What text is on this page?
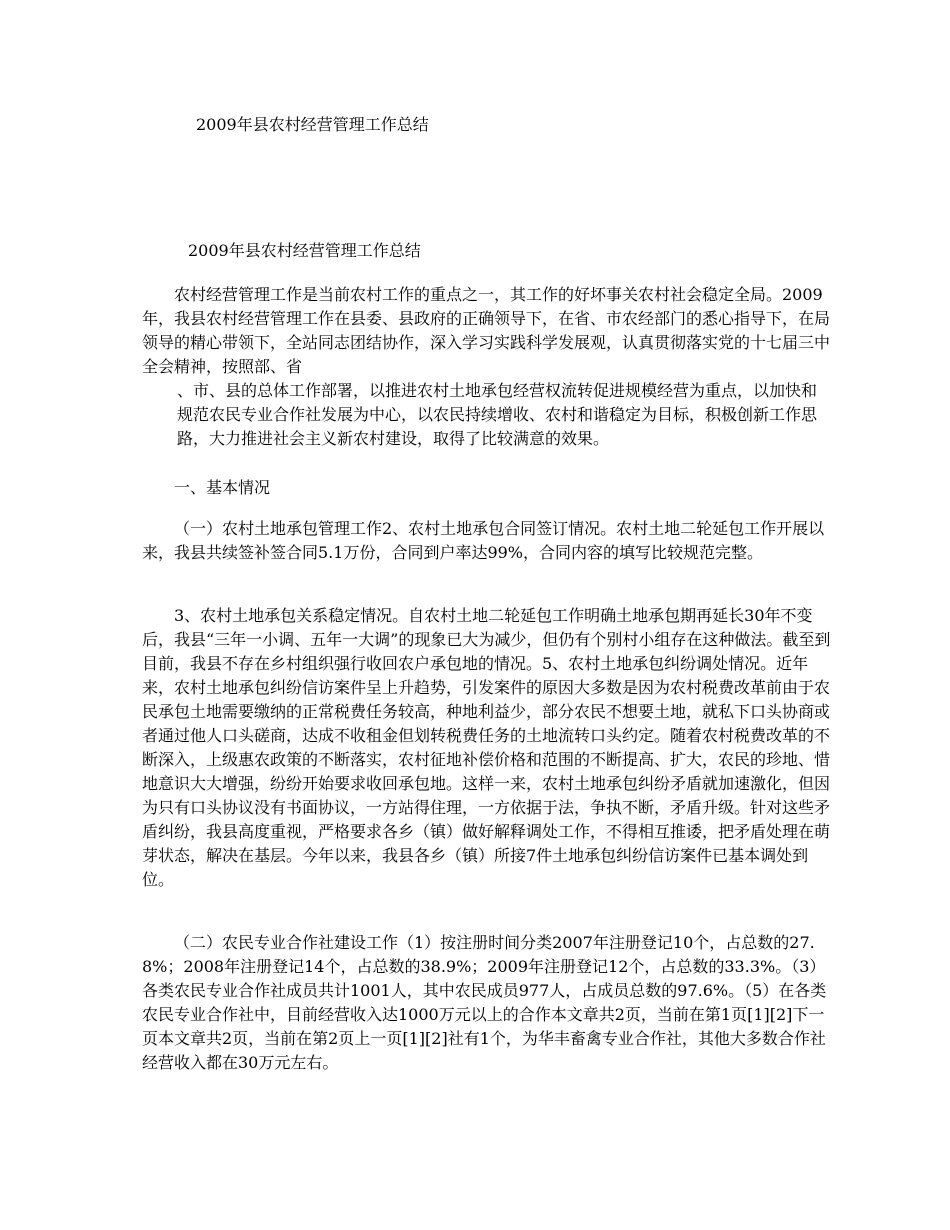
2009年县农村经营管理工作总结
2009年县农村经营管理工作总结

农村经营管理工作是当前农村工作的重点之一，其工作的好坏事关农村社会稳定全局。2009年，我县农村经营管理工作在县委、县政府的正确领导下，在省、市农经部门的悉心指导下，在局领导的精心带领下，全站同志团结协作，深入学习实践科学发展观，认真贯彻落实党的十七届三中全会精神，按照部、省

、市、县的总体工作部署，以推进农村土地承包经营权流转促进规模经营为重点，以加快和规范农民专业合作社发展为中心，以农民持续增收、农村和谐稳定为目标，积极创新工作思路，大力推进社会主义新农村建设，取得了比较满意的效果。

一、基本情况

（一）农村土地承包管理工作2、农村土地承包合同签订情况。农村土地二轮延包工作开展以来，我县共续签补签合同5.1万份，合同到户率达99%，合同内容的填写比较规范完整。

3、农村土地承包关系稳定情况。自农村土地二轮延包工作明确土地承包期再延长30年不变后，我县“三年一小调、五年一大调”的现象已大为减少，但仍有个别村小组存在这种做法。截至到目前，我县不存在乡村组织强行收回农户承包地的情况。5、农村土地承包纠纷调处情况。近年来，农村土地承包纠纷信访案件呈上升趋势，引发案件的原因大多数是因为农村税费改革前由于农民承包土地需要缴纳的正常税费任务较高，种地利益少，部分农民不想要土地，就私下口头协商或者通过他人口头磋商，达成不收租金但划转税费任务的土地流转口头约定。随着农村税费改革的不断深入，上级惠农政策的不断落实，农村征地补偿价格和范围的不断提高、扩大，农民的珍地、惜地意识大大增强，纷纷开始要求收回承包地。这样一来，农村土地承包纠纷矛盾就加速激化，但因为只有口头协议没有书面协议，一方站得住理，一方依据于法，争执不断，矛盾升级。针对这些矛盾纠纷，我县高度重视，严格要求各乡（镇）做好解释调处工作，不得相互推诿，把矛盾处理在萌芽状态，解决在基层。今年以来，我县各乡（镇）所接7件土地承包纠纷信访案件已基本调处到位。

（二）农民专业合作社建设工作（1）按注册时间分类2007年注册登记10个，占总数的27.8%；2008年注册登记14个，占总数的38.9%；2009年注册登记12个，占总数的33.3%。（3）各类农民专业合作社成员共计1001人，其中农民成员977人，占成员总数的97.6%。（5）在各类农民专业合作社中，目前经营收入达1000万元以上的合作本文章共2页，当前在第1页[1][2]下一页本文章共2页，当前在第2页上一页[1][2]社有1个，为华丰畜禽专业合作社，其他大多数合作社经营收入都在30万元左右。
